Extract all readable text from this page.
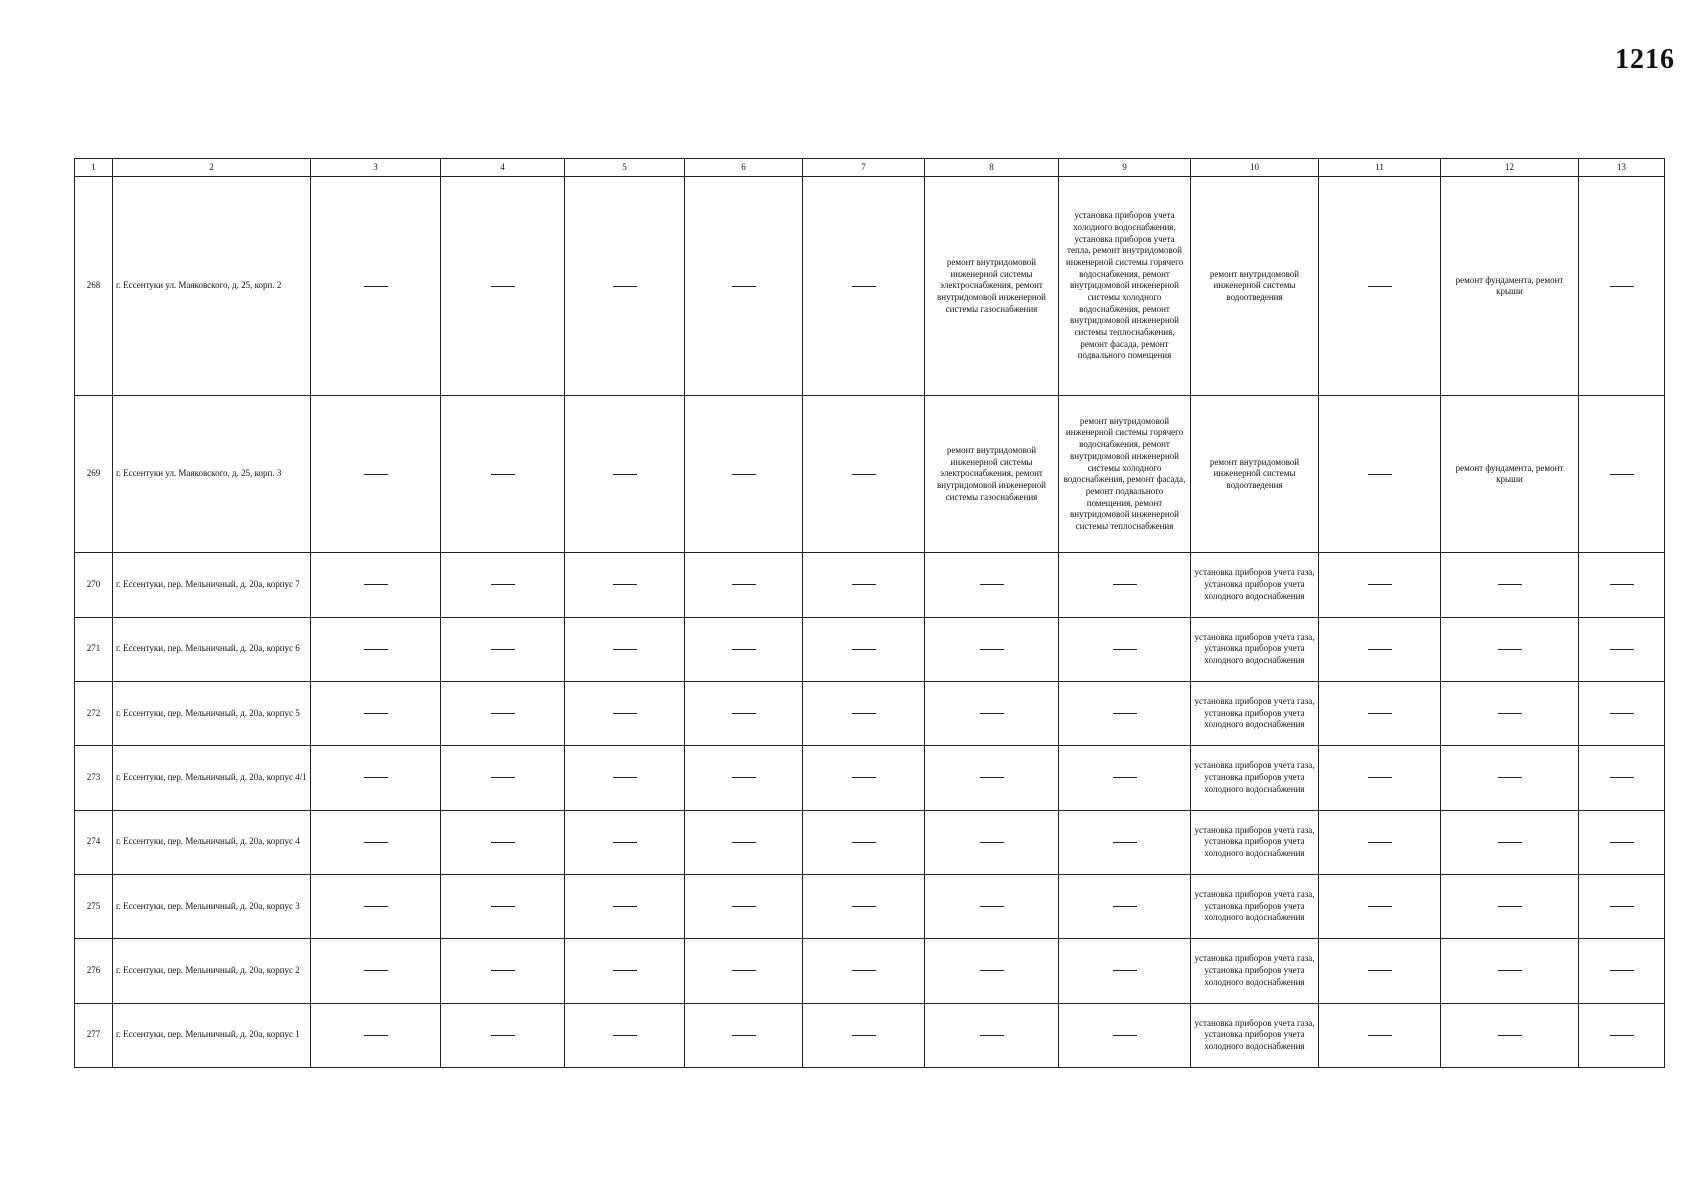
1216
1	2	3	4	5	6	7	8	9	10	11	12	13
268	г. Ессентуки ул. Маяковского, д. 25, корп. 2						ремонт внутридомовой инженерной системы электроснабжения, ремонт внутридомовой инженерной системы газоснабжения	установка приборов учета холодного водоснабжения, установка приборов учета тепла, ремонт внутридомовой инженерной системы горячего водоснабжения, ремонт внутридомовой инженерной системы холодного водоснабжения, ремонт внутридомовой инженерной системы теплоснабжения, ремонт фасада, ремонт подвального помещения	ремонт внутридомовой инженерной системы водоотведения		ремонт фундамента, ремонт крыши	
269	г. Ессентуки ул. Маяковского, д. 25, корп. 3						ремонт внутридомовой инженерной системы электроснабжения, ремонт внутридомовой инженерной системы газоснабжения	ремонт внутридомовой инженерной системы горячего водоснабжения, ремонт внутридомовой инженерной системы холодного водоснабжения, ремонт фасада, ремонт подвального помещения, ремонт внутридомовой инженерной системы теплоснабжения	ремонт внутридомовой инженерной системы водоотведения		ремонт фундамента, ремонт крыши	
270	г. Ессентуки, пер. Мельничный, д. 20а, корпус 7								установка приборов учета газа, установка приборов учета холодного водоснабжения			
271	г. Ессентуки, пер. Мельничный, д. 20а, корпус 6								установка приборов учета газа, установка приборов учета холодного водоснабжения			
272	г. Ессентуки, пер. Мельничный, д. 20а, корпус 5								установка приборов учета газа, установка приборов учета холодного водоснабжения			
273	г. Ессентуки, пер. Мельничный, д. 20а, корпус 4/1								установка приборов учета газа, установка приборов учета холодного водоснабжения			
274	г. Ессентуки, пер. Мельничный, д. 20а, корпус 4								установка приборов учета газа, установка приборов учета холодного водоснабжения			
275	г. Ессентуки, пер. Мельничный, д. 20а, корпус 3								установка приборов учета газа, установка приборов учета холодного водоснабжения			
276	г. Ессентуки, пер. Мельничный, д. 20а, корпус 2								установка приборов учета газа, установка приборов учета холодного водоснабжения			
277	г. Ессентуки, пер. Мельничный, д. 20а, корпус 1								установка приборов учета газа, установка приборов учета холодного водоснабжения			
